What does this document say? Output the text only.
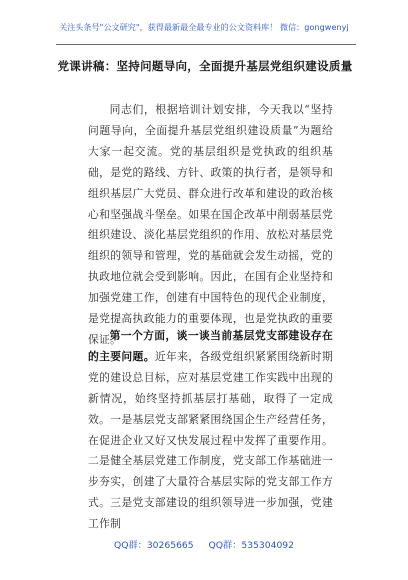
关注头条号"公文研究"，获得最新最全最专业的公文资料库！ 微信：gongwenyj
党课讲稿：坚持问题导向，全面提升基层党组织建设质量

同志们，根据培训计划安排，今天我以“坚持问题导向，全面提升基层党组织建设质量”为题给大家一起交流。党的基层组织是党执政的组织基础，是党的路线、方针、政策的执行者，是领导和组织基层广大党员、群众进行改革和建设的政治核心和坚强战斗堡垒。如果在国企改革中削弱基层党组织建设、淡化基层党组织的作用、放松对基层党组织的领导和管理，党的基础就会发生动摇，党的执政地位就会受到影响。因此，在国有企业坚持和加强党建工作，创建有中国特色的现代企业制度，是党提高执政能力的重要体现，也是党执政的重要保证。

第一个方面，谈一谈当前基层党支部建设存在的主要问题。近年来，各级党组织紧紧围绕新时期党的建设总目标，应对基层党建工作实践中出现的新情况，始终坚持抓基层打基础，取得了一定成效。一是基层党支部紧紧围绕国企生产经营任务，在促进企业又好又快发展过程中发挥了重要作用。二是健全基层党建工作制度，党支部工作基础进一步夯实，创建了大量符合基层实际的党支部工作方式。三是党支部建设的组织领导进一步加强，党建工作制

QQ群：30265665 QQ群：535304092
